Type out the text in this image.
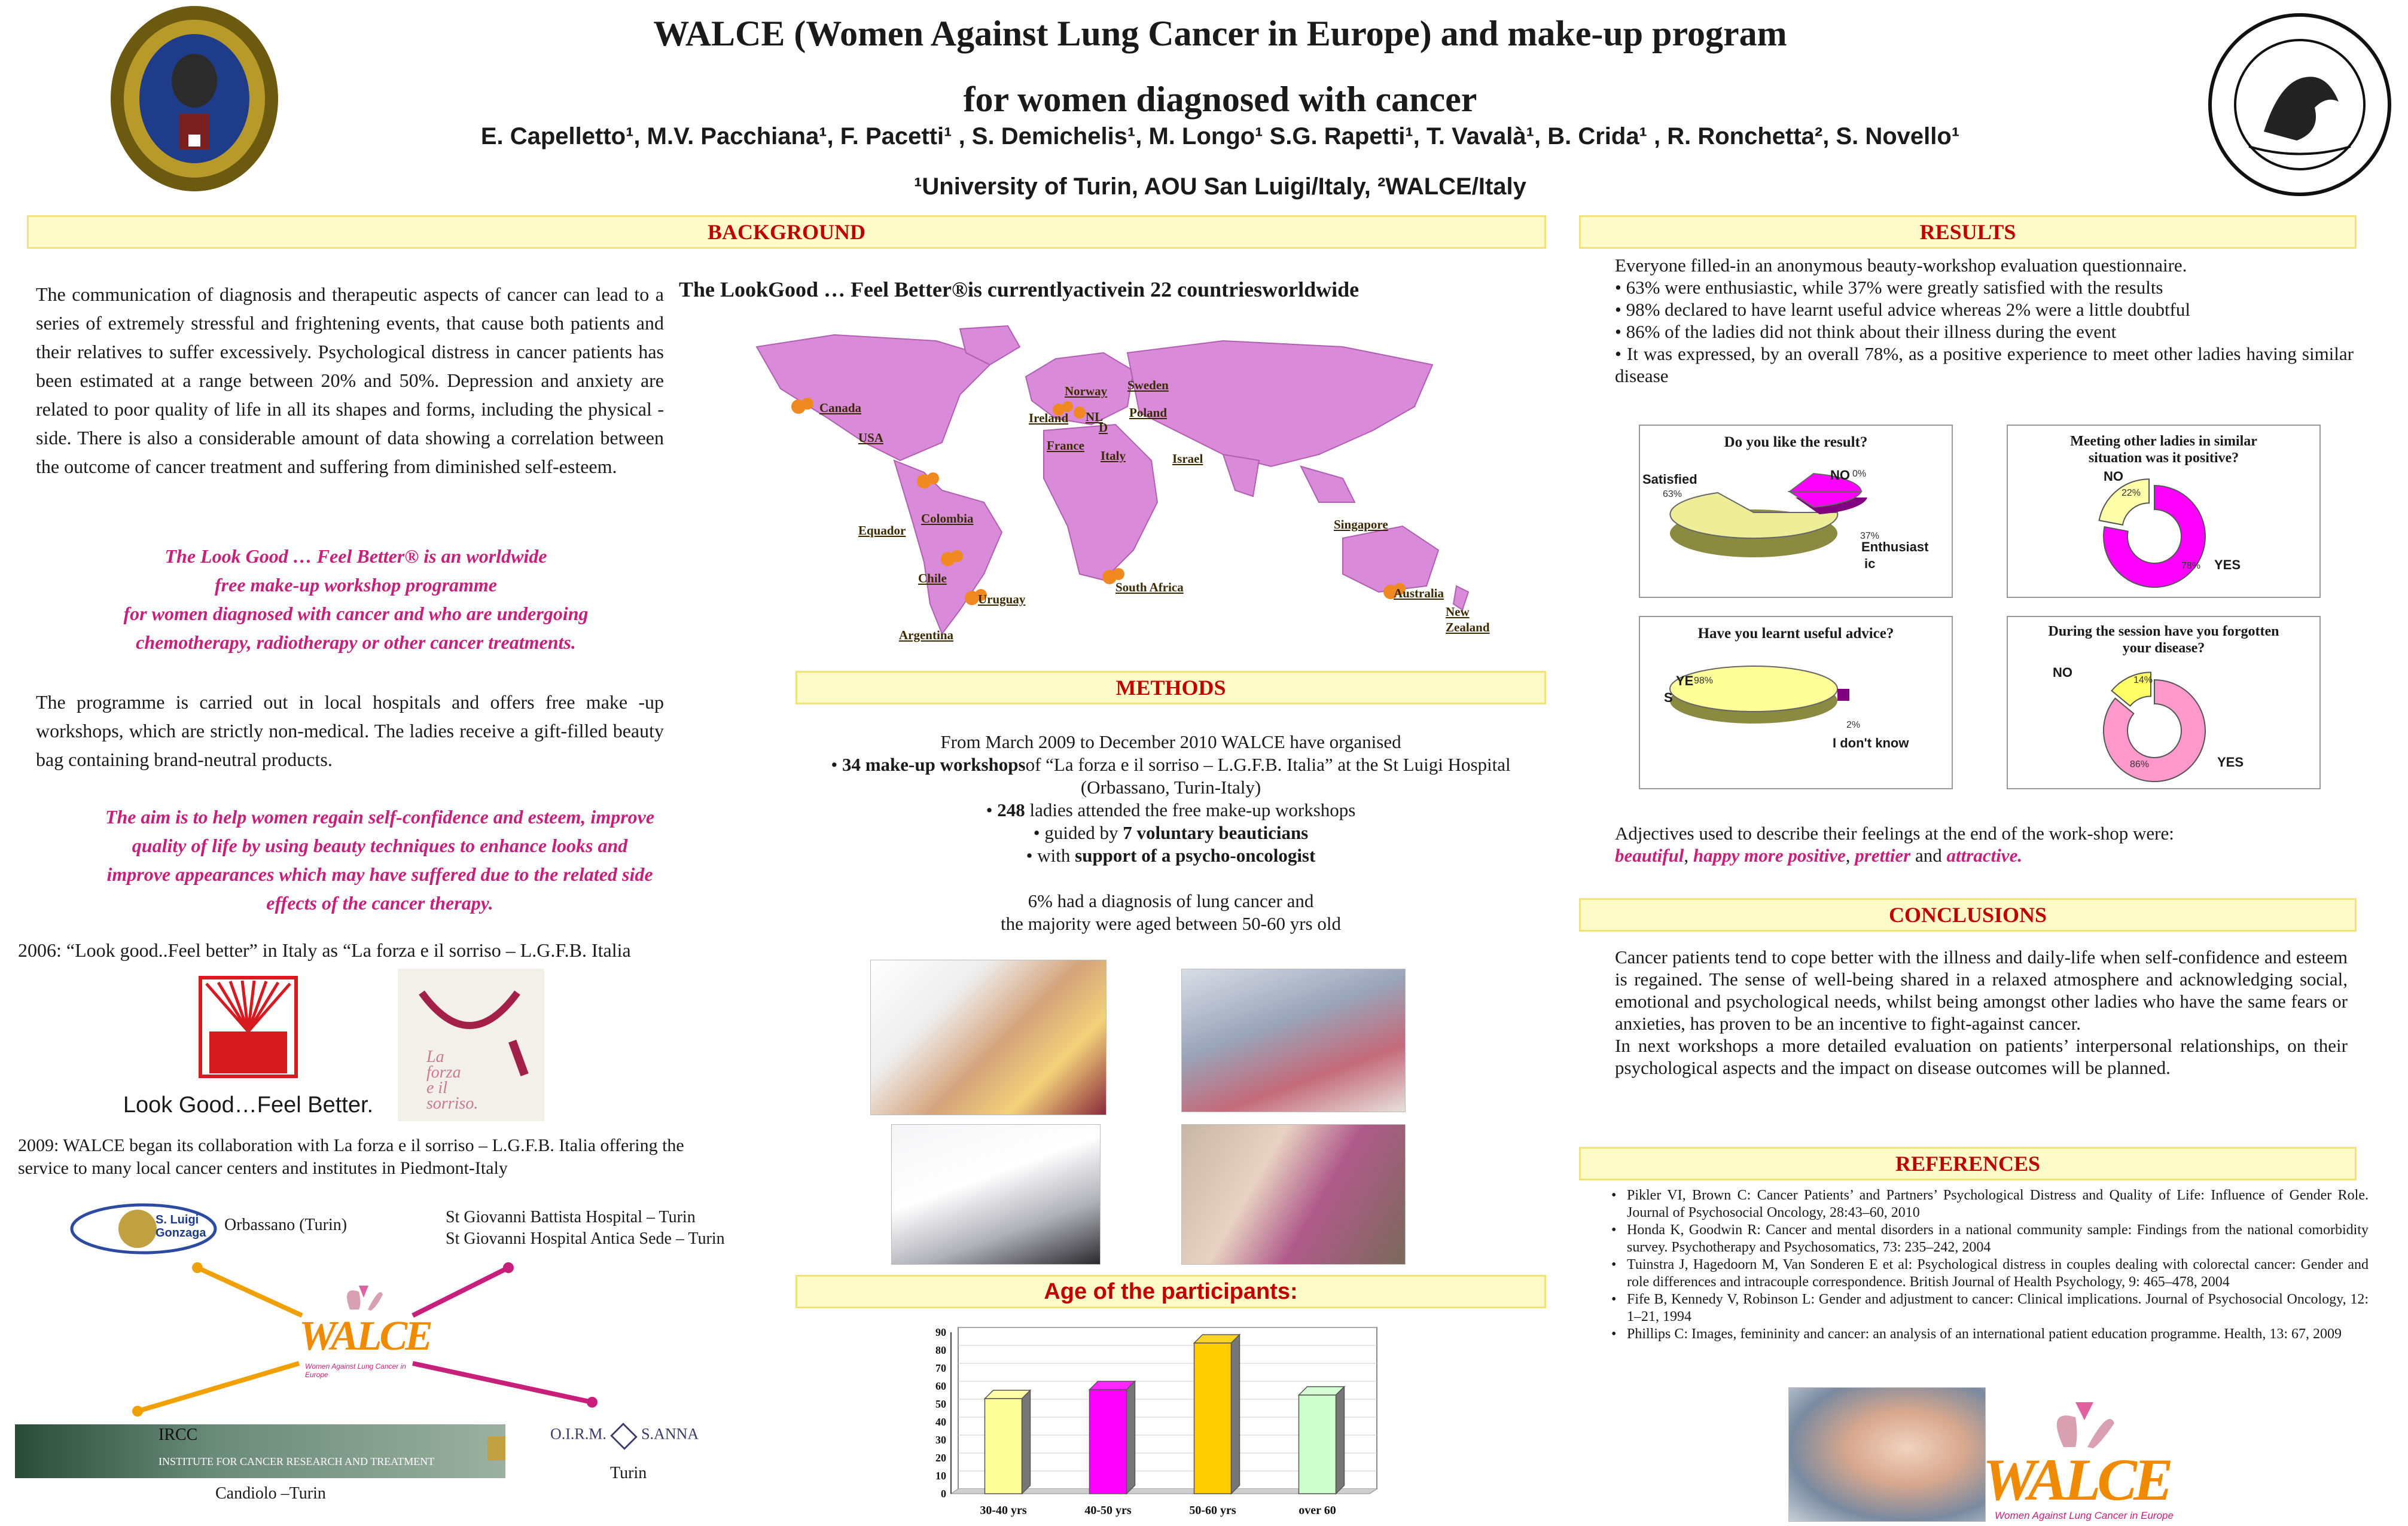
WALCE (Women Against Lung Cancer in Europe) and make-up program
for women diagnosed with cancer
E. Capelletto¹, M.V. Pacchiana¹, F. Pacetti¹ , S. Demichelis¹, M. Longo¹ S.G. Rapetti¹, T. Vavalà¹, B. Crida¹ , R. Ronchetta², S. Novello¹
¹University of Turin, AOU San Luigi/Italy, ²WALCE/Italy
BACKGROUND	RESULTS
METHODS
CONCLUSIONS
REFERENCES
Age of the participants:
The communication of diagnosis and therapeutic aspects of cancer can lead to a series of extremely stressful and frightening events, that cause both patients and their relatives to suffer excessively. Psychological distress in cancer patients has been estimated at a range between 20% and 50%. Depression and anxiety are related to poor quality of life in all its shapes and forms, including the physical -side. There is also a considerable amount of data showing a correlation between the outcome of cancer treatment and suffering from diminished self-esteem.
The Look Good … Feel Better® is an worldwide
free make-up workshop programme
for women diagnosed with cancer and who are undergoing
chemotherapy, radiotherapy or other cancer treatments.
The programme is carried out in local hospitals and offers free make -up workshops, which are strictly non-medical. The ladies receive a gift-filled beauty bag containing brand-neutral products.
The aim is to help women regain self-confidence and esteem, improve
quality of life by using beauty techniques to enhance looks and
improve appearances which may have suffered due to the related side
effects of the cancer therapy.
2006: “Look good..Feel better” in Italy as “La forza e il sorriso – L.G.F.B. Italia
Look Good…Feel Better.
La
forza
e il
sorriso.
2009: WALCE began its collaboration with La forza e il sorriso – L.G.F.B. Italia offering the service to many local cancer centers and institutes in Piedmont-Italy
S. Luigi Gonzaga	Orbassano (Turin)	St Giovanni Battista Hospital – Turin
St Giovanni Hospital Antica Sede – Turin
WALCE
Women Against Lung Cancer in Europe
IRCC
INSTITUTE FOR CANCER RESEARCH AND TREATMENT
Candiolo –Turin
O.I.R.M. S.ANNA
Turin
The LookGood … Feel Better®is currentlyactivein 22 countriesworldwide
Canada
USA
Colombia
Equador
Chile
Uruguay
Argentina
Norway Sweden
Ireland NL
D
Poland
France
Italy	Israel
Singapore
South Africa	Australia
New Zealand
From March 2009 to December 2010 WALCE have organised
• 34 make-up workshopsof “La forza e il sorriso – L.G.F.B. Italia” at the St Luigi Hospital (Orbassano, Turin-Italy)
• 248 ladies attended the free make-up workshops
• guided by 7 voluntary beauticians
• with support of a psycho-oncologist
6% had a diagnosis of lung cancer and
the majority were aged between 50-60 yrs old
0
10
20
30
40
50
60
70
80
90
30-40 yrs	40-50 yrs	50-60 yrs	over 60
Everyone filled-in an anonymous beauty-workshop evaluation questionnaire.
• 63% were enthusiastic, while 37% were greatly satisfied with the results
• 98% declared to have learnt useful advice whereas 2% were a little doubtful
• 86% of the ladies did not think about their illness during the event
• It was expressed, by an overall 78%, as a positive experience to meet other ladies having similar disease
Do you like the result?
Satisfied
63%
NO 0%
37%
Enthusiast
ic
Meeting other ladies in similar situation was it positive?
NO
22%
YES
78%
Have you learnt useful advice?
YE
S
98%
2%
I don't know
During the session have you forgotten your disease?
NO
14%
YES
86%
Adjectives used to describe their feelings at the end of the work-shop were:
beautiful, happy more positive, prettier and attractive.
Cancer patients tend to cope better with the illness and daily-life when self-confidence and esteem is regained. The sense of well-being shared in a relaxed atmosphere and acknowledging social, emotional and psychological needs, whilst being amongst other ladies who have the same fears or anxieties, has proven to be an incentive to fight-against cancer.
In next workshops a more detailed evaluation on patients’ interpersonal relationships, on their psychological aspects and the impact on disease outcomes will be planned.
• Pikler VI, Brown C: Cancer Patients’ and Partners’ Psychological Distress and Quality of Life: Influence of Gender Role. Journal of Psychosocial Oncology, 28:43–60, 2010
• Honda K, Goodwin R: Cancer and mental disorders in a national community sample: Findings from the national comorbidity survey. Psychotherapy and Psychosomatics, 73: 235–242, 2004
• Tuinstra J, Hagedoorn M, Van Sonderen E et al: Psychological distress in couples dealing with colorectal cancer: Gender and role differences and intracouple correspondence. British Journal of Health Psychology, 9: 465–478, 2004
• Fife B, Kennedy V, Robinson L: Gender and adjustment to cancer: Clinical implications. Journal of Psychosocial Oncology, 12: 1–21, 1994
• Phillips C: Images, femininity and cancer: an analysis of an international patient education programme. Health, 13: 67, 2009
WALCE
Women Against Lung Cancer in Europe
